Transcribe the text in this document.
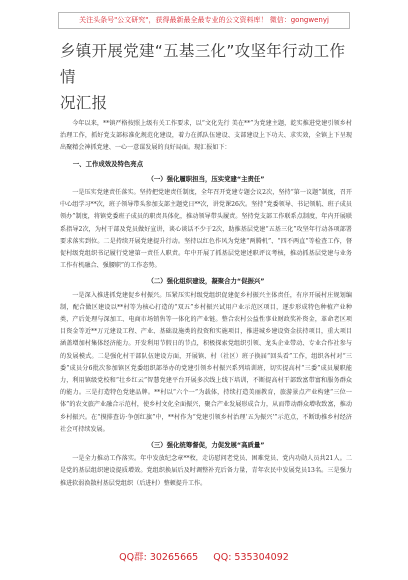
关注头条号"公文研究"，获得最新最全最专业的公文资料库！ 微信：gongwenyj
乡镇开展党建“五基三化”攻坚年行动工作情
况汇报

今年以来，**镇严格按照上级有关工作要求，以“文化先行 美在**”为党建主题，乾实推进党建引领乡村治理工作，抓好党支部标准化规范化建设，着力在抓队伍建设、支部建设上下功夫、求实效，全镇上下呈现出聚精会神抓党建、一心一意谋发展的良好局面。现汇报如下：

一、工作成效及特色亮点
（一）强化履职担当，压实党建“主责任”

一是压实党建责任落实。坚持把党建责任制度，全年召开党建专题会议2次，坚持“第一议题”制度，召开中心组学习**次，班子领导带头参加支部主题党日**次，讲党课26次。坚持“党委领导、书记领航、班子成员领办”制度，将镇党委班子成员的职责具体化，推动领导带头履责。坚持党支部工作联系点制度，年内开展联系指导2次，为村干部及党员做好宣讲，谈心谈话不少于2次，助推基层党建“五基三化”攻坚年行动各项部署要求落实到位。二是持续开展党建提升行动。坚持以红色作风为党建“两腾机”、“四不两直”等检查工作，督促村级党组织书记履行党建第一责任人职责。年中开展了抓基层党建述职评议考核，推动抓基层党建与业务工作有机融合、强腰职”的工作态势。

（二）强化组织建设，凝聚合力“促振兴”

一是深入推进抓党建促乡村振兴。压紧压实村级党组织促建促乡村振兴主体责任，有序开展村庄规划编制，配合做区建设以**村等为核心打造的“双五”乡村振兴试用户业示范区项目，逐步形成特色种植产业种类，产后处理与深加工、电商市场销售等一体化的产业链。整合农村公益性事业财政奖补资金，革命老区项目资金等近**万元建设工程、产业、基础设施类的投资和实施项目，推进城乡建设资金扶持项目，重大项目涵盖增加村集体经济能力。开发利用节假日的节点，积极探索党组织引领、龙头企业带动、专业合作社参与的发展模式。二是强化村干部队伍建设方面，开展镇、村（社区）班子换届“回头看”工作，组织各村对“三委”成员分6批次参加镇区党委组织部举办的党建引领乡村振兴系列培训班，切实提高村“三委”成员履职能力，利用镇级党校和“壮乡红云”智慧党建平台开展多次线上线下培训，不断提高村干部致富带富和服务群众的能力。三是打造特色党建品牌。**村以“六个一”为载体，持续打造美丽教育，旅游景点产业构建“三位一体”的农文旅产业融合示范村，使乡村文化全面振兴，聚合产业发展形成合力，从而带动群众增收致富，推动乡村振兴。在“摸排查访·争创红旗”中，**村作为“党建引领乡村治理‘五为振兴’”示范点，不断助推乡村经济社会可持续发展。

（三）强化统筹督促，力促发展“高质量”

一是全力推动工作落实。年中发放纪念章**枚，走访慰问老党员、困难党员、党内功勋人员共21人。二是党的基层组织建设提质增效。党组织换届后及时调整补充后备力量，青年农民中发展党员13名。三是强力推进软弱涣散村基层党组织（后进村）整顿提升工作。

QQ群: 30265665 QQ: 535304092
